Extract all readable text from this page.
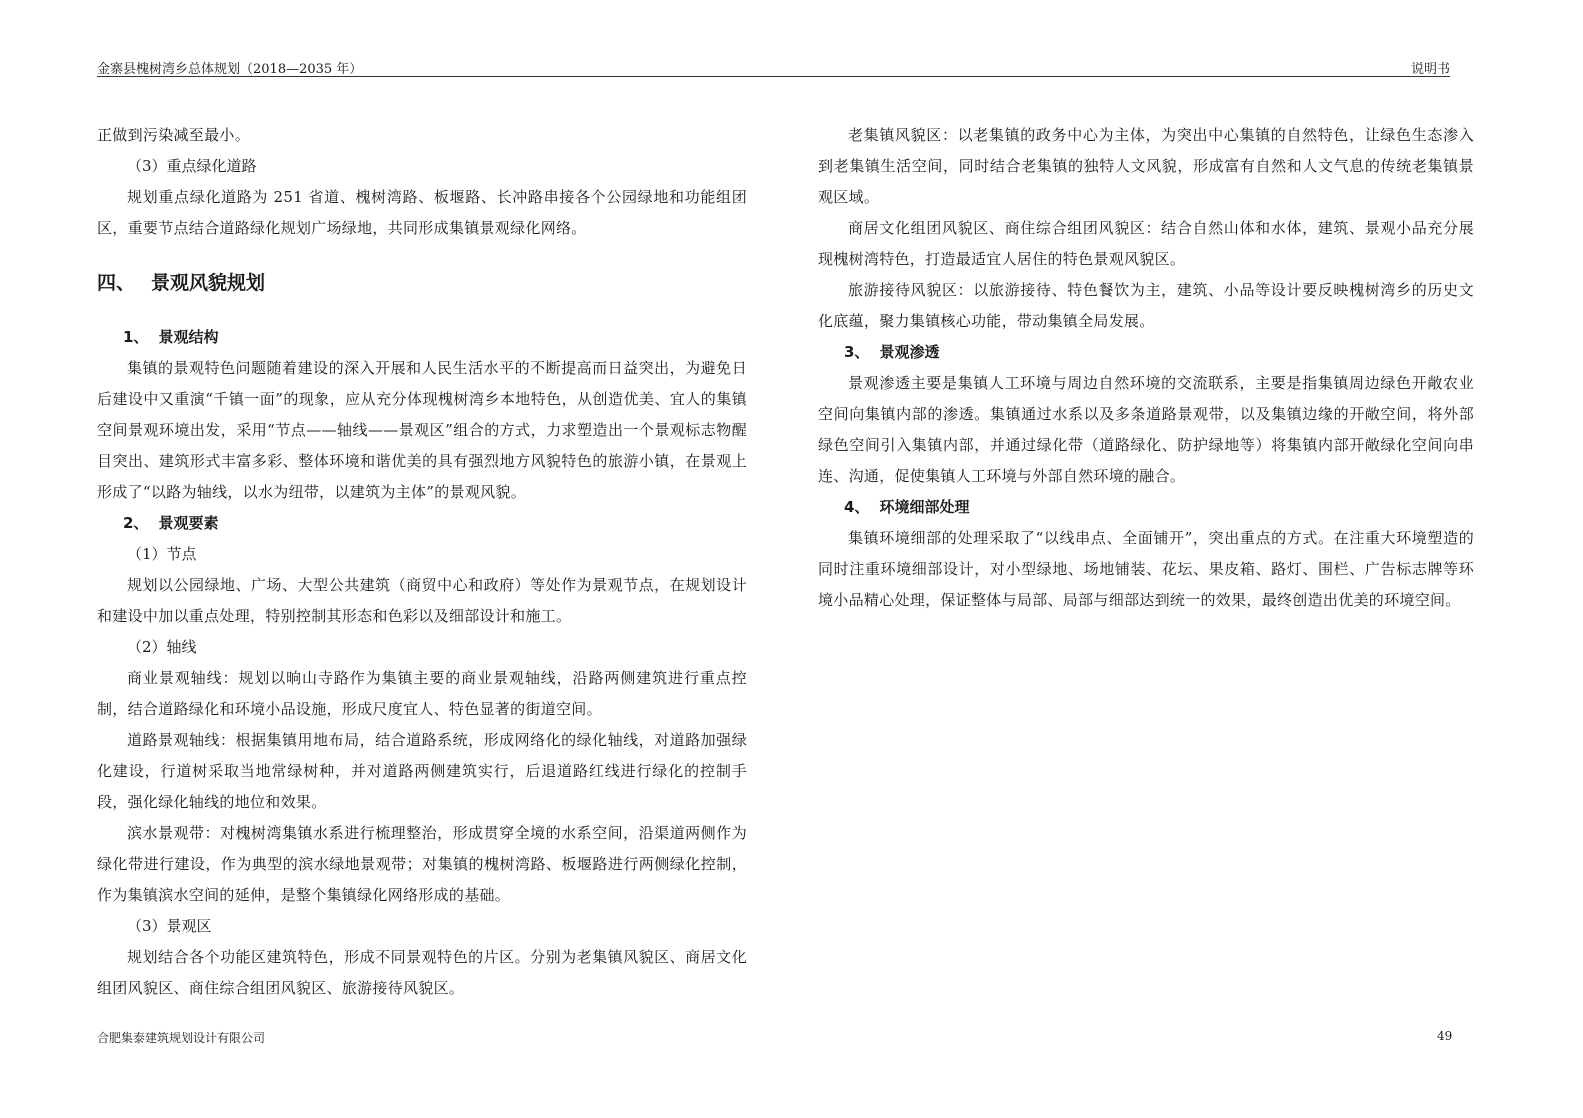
金寨县槐树湾乡总体规划（2018—2035 年）	说明书

正做到污染减至最小。

（3）重点绿化道路

规划重点绿化道路为 251 省道、槐树湾路、板堰路、长冲路串接各个公园绿地和功能组团区，重要节点结合道路绿化规划广场绿地，共同形成集镇景观绿化网络。

四、 景观风貌规划
1、 景观结构

集镇的景观特色问题随着建设的深入开展和人民生活水平的不断提高而日益突出，为避免日后建设中又重演“千镇一面”的现象，应从充分体现槐树湾乡本地特色，从创造优美、宜人的集镇空间景观环境出发，采用“节点——轴线——景观区”组合的方式，力求塑造出一个景观标志物醒目突出、建筑形式丰富多彩、整体环境和谐优美的具有强烈地方风貌特色的旅游小镇，在景观上形成了“以路为轴线，以水为纽带，以建筑为主体”的景观风貌。

2、 景观要素

（1）节点

规划以公园绿地、广场、大型公共建筑（商贸中心和政府）等处作为景观节点，在规划设计和建设中加以重点处理，特别控制其形态和色彩以及细部设计和施工。

（2）轴线

商业景观轴线：规划以晌山寺路作为集镇主要的商业景观轴线，沿路两侧建筑进行重点控制，结合道路绿化和环境小品设施，形成尺度宜人、特色显著的街道空间。

道路景观轴线：根据集镇用地布局，结合道路系统，形成网络化的绿化轴线，对道路加强绿化建设，行道树采取当地常绿树种，并对道路两侧建筑实行，后退道路红线进行绿化的控制手段，强化绿化轴线的地位和效果。

滨水景观带：对槐树湾集镇水系进行梳理整治，形成贯穿全境的水系空间，沿渠道两侧作为绿化带进行建设，作为典型的滨水绿地景观带；对集镇的槐树湾路、板堰路进行两侧绿化控制，作为集镇滨水空间的延伸，是整个集镇绿化网络形成的基础。

（3）景观区

规划结合各个功能区建筑特色，形成不同景观特色的片区。分别为老集镇风貌区、商居文化组团风貌区、商住综合组团风貌区、旅游接待风貌区。

老集镇风貌区：以老集镇的政务中心为主体，为突出中心集镇的自然特色，让绿色生态渗入到老集镇生活空间，同时结合老集镇的独特人文风貌，形成富有自然和人文气息的传统老集镇景观区域。

商居文化组团风貌区、商住综合组团风貌区：结合自然山体和水体，建筑、景观小品充分展现槐树湾特色，打造最适宜人居住的特色景观风貌区。

旅游接待风貌区：以旅游接待、特色餐饮为主，建筑、小品等设计要反映槐树湾乡的历史文化底蕴，聚力集镇核心功能，带动集镇全局发展。

3、 景观渗透

景观渗透主要是集镇人工环境与周边自然环境的交流联系，主要是指集镇周边绿色开敞农业空间向集镇内部的渗透。集镇通过水系以及多条道路景观带，以及集镇边缘的开敞空间，将外部绿色空间引入集镇内部，并通过绿化带（道路绿化、防护绿地等）将集镇内部开敞绿化空间向串连、沟通，促使集镇人工环境与外部自然环境的融合。

4、 环境细部处理

集镇环境细部的处理采取了“以线串点、全面铺开”，突出重点的方式。在注重大环境塑造的同时注重环境细部设计，对小型绿地、场地铺装、花坛、果皮箱、路灯、围栏、广告标志牌等环境小品精心处理，保证整体与局部、局部与细部达到统一的效果，最终创造出优美的环境空间。

合肥集泰建筑规划设计有限公司	49
